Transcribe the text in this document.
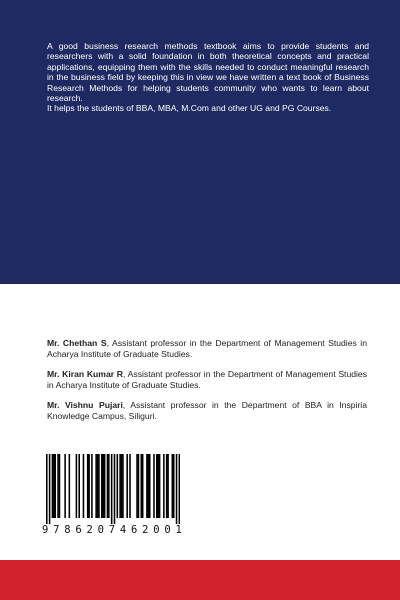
A good business research methods textbook aims to provide students and researchers with a solid foundation in both theoretical concepts and practical applications, equipping them with the skills needed to conduct meaningful research in the business field by keeping this in view we have written a text book of Business Research Methods for helping students community who wants to learn about research.

It helps the students of BBA, MBA, M.Com and other UG and PG Courses.

Mr. Chethan S, Assistant professor in the Department of Management Studies in Acharya Institute of Graduate Studies.

Mr. Kiran Kumar R, Assistant professor in the Department of Management Studies in Acharya Institute of Graduate Studies.

Mr. Vishnu Pujari, Assistant professor in the Department of BBA in Inspiria Knowledge Campus, Siliguri.

9 7 8 6 2 0 7 4 6 2 0 0 1
